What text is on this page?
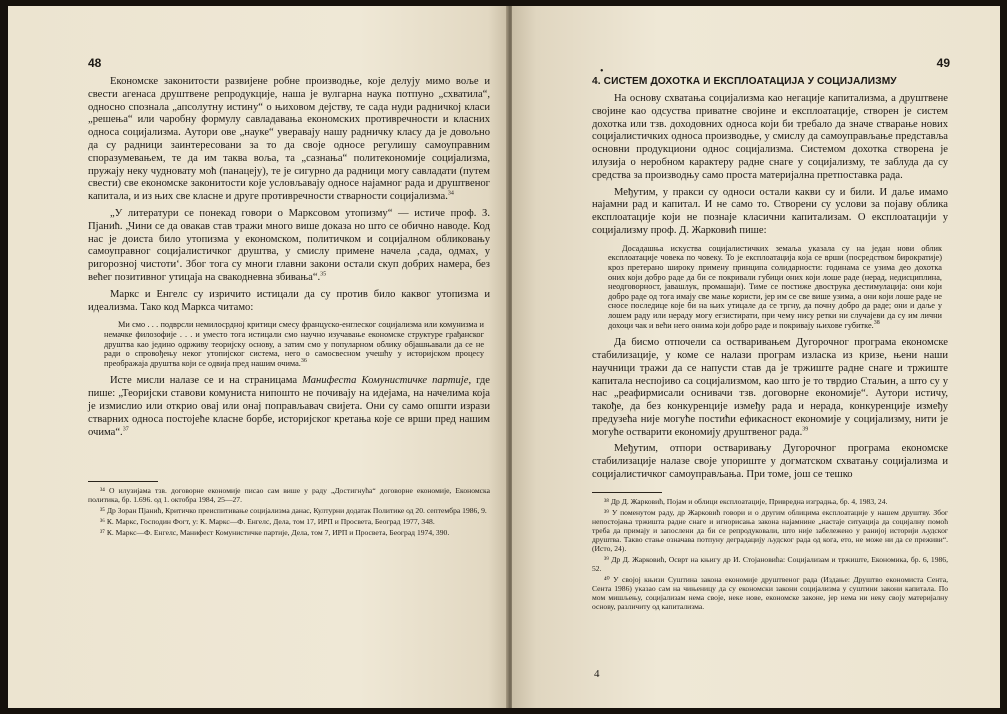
48

Економске законитости развијене робне производње, које делују мимо воље и свести агенаса друштвене репродукције, наша је вулгарна наука потпуно „схватила“, односно спознала „апсолутну истину“ о њиховом дејству, те сада нуди радничкој класи „решења“ или чаробну формулу савладавања економских противречности и класних односа социјализма. Аутори ове „науке“ уверавају нашу радничку класу да је довољно да су радници заинтересовани за то да своје односе регулишу самоуправним споразумевањем, те да им таква воља, та „сазнања“ политекономије социјализма, пружају неку чудновату моћ (панацеју), те је сигурно да радници могу савладати (путем свести) све економске законитости које условљавају односе најамног рада и друштвеног капитала, и из њих све класне и друге противречности стварности социјализма.$^{34}$

„У литератури се понекад говори о Марксовом утопизму“ — истиче проф. З. Пјанић. „Чини се да овакав став тражи много више доказа но што се обично наводе. Код нас је доиста било утопизма у економском, политичком и социјалном обликовању самоуправног социјалистичког друштва, у смислу примене начела ,сада, одмах, у ригорозној чистоти‘. Због тога су многи главни закони остали скуп добрих намера, без већег позитивног утицаја на свакодневна збивања“.$^{35}$

Маркс и Енгелс су изричито истицали да су против било каквог утопизма и идеализма. Тако код Маркса читамо:

Ми смо . . . подврсли немилосрдној критици смесу француско-енглеског социјализма или комунизма и немачке филозофије . . . и уместо тога истицали смо научно изучавање економске структуре грађанског друштва као једино одрживу теоријску основу, а затим смо у популарном облику објашњавали да се не ради о спровођењу неког утопијског система, него о самосвесном учешћу у историјском процесу преображаја друштва који се одвија пред нашим очима.$^{36}$

Исте мисли налазе се и на страницама Манифеста Комунистичке партије, где пише: „Теоријски ставови комуниста нипошто не почивају на идејама, на начелима која је измислио или открио овај или онај поправљавач свијета. Они су само општи изрази стварних односа постојеће класне борбе, историјског кретања које се врши пред нашим очима“.$^{37}$

³⁴ О илузијама тзв. договорне економије писао сам више у раду „Достигнућа“ договорне економије, Економска политика, бр. 1.696. од 1. октобра 1984, 25—27.

³⁵ Др Зоран Пјанић, Критичко преиспитивање социјализма данас, Културни додатак Политике од 20. септембра 1986, 9.

³⁶ К. Маркс, Господин Фогт, у: К. Маркс—Ф. Енгелс, Дела, том 17, ИРП и Просвета, Београд 1977, 348.

³⁷ К. Маркс—Ф. Енгелс, Манифест Комунистичке партије, Дела, том 7, ИРП и Просвета, Београд 1974, 390.

•
49
4. СИСТЕМ ДОХОТКА И ЕКСПЛОАТАЦИЈА У СОЦИЈАЛИЗМУ

На основу схватања социјализма као негације капитализма, а друштвене својине као одсуства приватне својине и експлоатације, створен је систем дохотка или тзв. доходовних односа који би требало да значе стварање нових социјалистичких односа производње, у смислу да самоуправљање представља основни продукциони однос социјализма. Системом дохотка створена је илузија о неробном карактеру радне снаге у социјализму, те заблуда да су средства за производњу само проста материјална претпоставка рада.

Међутим, у пракси су односи остали какви су и били. И даље имамо најамни рад и капитал. И не само то. Створени су услови за појаву облика експлоатације који не познаје класични капитализам. О експлоатацији у социјализму проф. Д. Жарковић пише:

Досадашња искуства социјалистичких земаља указала су на један нови облик експлоатације човека по човеку. То је експлоатација која се врши (посредством бирократије) кроз претерано широку примену принципа солидарности: годинама се узима део дохотка оних који добро раде да би се покривали губици оних који лоше раде (нерад, недисциплина, неодговорност, јавашлук, промашаји). Тиме се постиже двострука дестимулација: они који добро раде од тога имају све мање користи, јер им се све више узима, а они који лоше раде не сносе последице које би на њих утицале да се тргну, да почну добро да раде; они и даље у лошем раду или нераду могу егзистирати, при чему нису ретки ни случајеви да су им лични дохоци чак и већи него онима који добро раде и покривају њихове губитке.$^{38}$

Да бисмо отпочели са остваривањем Дугорочног програма економске стабилизације, у коме се налази програм изласка из кризе, њени наши научници тражи да се напусти став да је тржиште радне снаге и тржиште капитала неспојиво са социјализмом, као што је то тврдио Стаљин, а што су у нас „реафирмисали оснивачи тзв. договорне економије“. Аутори истичу, такође, да без конкуренције између рада и нерада, конкуренције између предузећа није могуће постићи ефикасност економије у социјализму, нити је могуће остварити економију друштвеног рада.$^{39}$

Међутим, отпори остваривању Дугорочног програма економске стабилизације налазе своје упориште у догматском схватању социјализма и социјалистичког самоуправљања. При томе, још се тешко

³⁸ Др Д. Жарковић, Појам и облици експлоатације, Привредна изградња, бр. 4, 1983, 24.

³⁹ У поменутом раду, др Жарковић говори и о другим облицима експлоатације у нашем друштву. Због непостојања тржишта радне снаге и игнорисања закона најамнине „настаје ситуација да социјалну помоћ треба да примају и запослени да би се репродуковали, што није забележено у ранијој историји људског друштва. Такво стање означава потпуну деградацију људског рада од кога, ето, не може ни да се преживи“. (Исто, 24).

³⁹ Др Д. Жарковић, Осврт на књигу др И. Стојановића: Социјализам и тржиште, Економика, бр. 6, 1986, 52.

⁴⁰ У својој књизи Суштина закона економије друштвеног рада (Издање: Друштво економиста Сента, Сента 1986) указао сам на чињеницу да су економски закони социјализма у суштини закони капитала. По мом мишљењу, социјализам нема своје, некe нове, економске законе, јер нема ни неку своју материјалну основу, различиту од капитализма.

4
